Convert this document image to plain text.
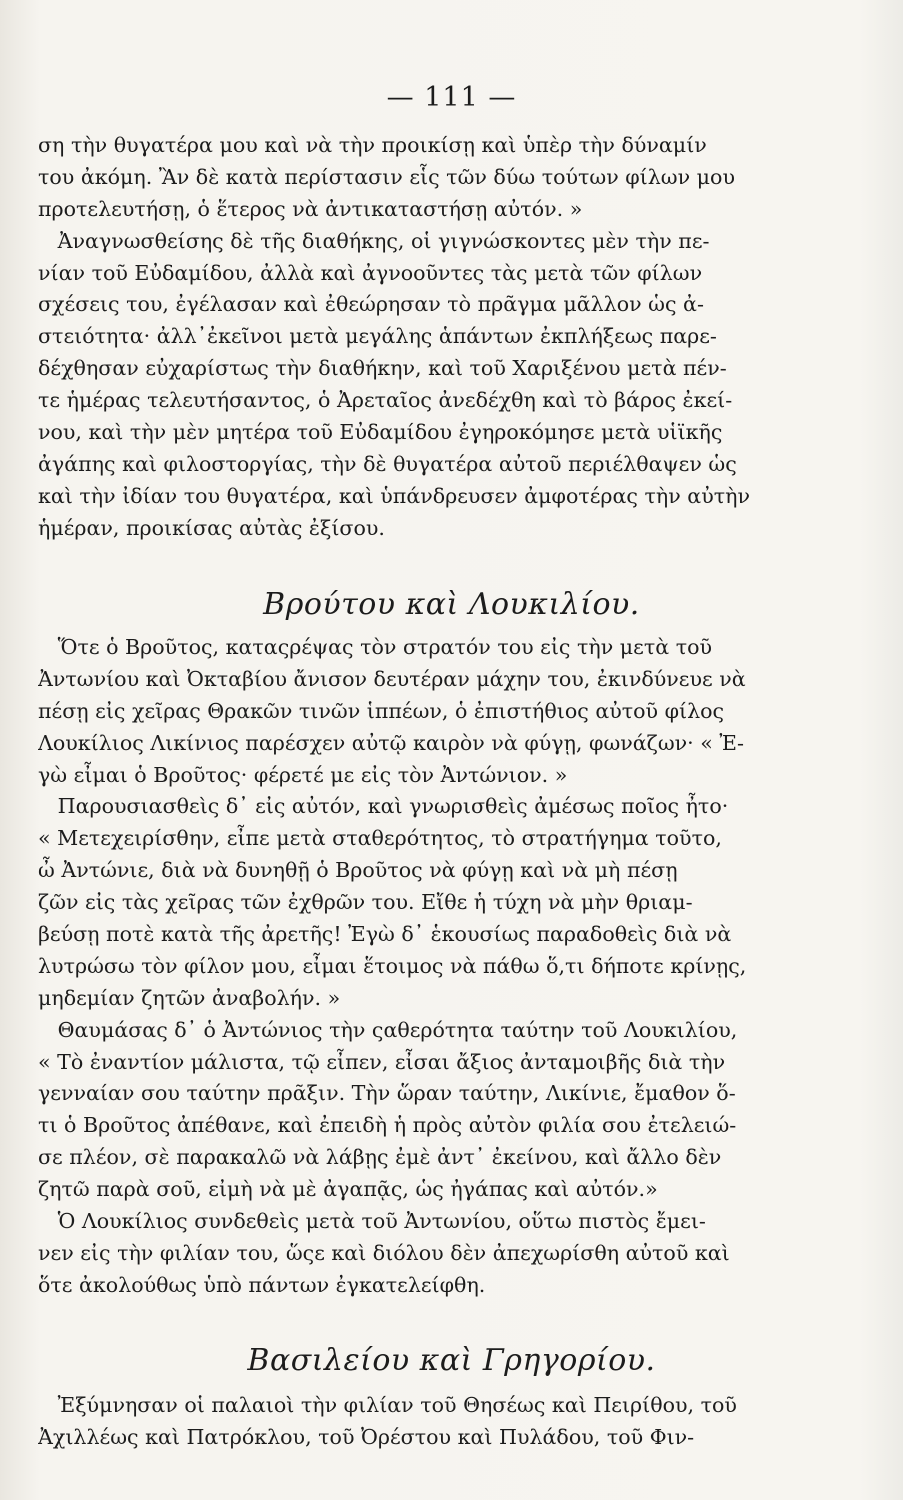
— 111 —
ση τὴν θυγατέρα μου καὶ νὰ τὴν προικίσῃ καὶ ὑπὲρ τὴν δύναμίν
του ἀκόμη. Ἂν δὲ κατὰ περίστασιν εἷς τῶν δύω τούτων φίλων μου
προτελευτήσῃ, ὁ ἕτερος νὰ ἀντικαταστήσῃ αὐτόν. »
Ἀναγνωσθείσης δὲ τῆς διαθήκης, οἱ γιγνώσκοντες μὲν τὴν πε-
νίαν τοῦ Εὐδαμίδου, ἀλλὰ καὶ ἀγνοοῦντες τὰς μετὰ τῶν φίλων
σχέσεις του, ἐγέλασαν καὶ ἐθεώρησαν τὸ πρᾶγμα μᾶλλον ὡς ἀ-
στειότητα· ἀλλ᾽ἐκεῖνοι μετὰ μεγάλης ἁπάντων ἐκπλήξεως παρε-
δέχθησαν εὐχαρίστως τὴν διαθήκην, καὶ τοῦ Χαριξένου μετὰ πέν-
τε ἡμέρας τελευτήσαντος, ὁ Ἀρεταῖος ἀνεδέχθη καὶ τὸ βάρος ἐκεί-
νου, καὶ τὴν μὲν μητέρα τοῦ Εὐδαμίδου ἐγηροκόμησε μετὰ υἱϊκῆς
ἀγάπης καὶ φιλοστοργίας, τὴν δὲ θυγατέρα αὐτοῦ περιέλθαψεν ὡς
καὶ τὴν ἰδίαν του θυγατέρα, καὶ ὑπάνδρευσεν ἀμφοτέρας τὴν αὐτὴν
ἡμέραν, προικίσας αὐτὰς ἐξίσου.
Βρούτου καὶ Λουκιλίου.
Ὅτε ὁ Βροῦτος, καταςρέψας τὸν στρατόν του εἰς τὴν μετὰ τοῦ
Ἀντωνίου καὶ Ὀκταβίου ἄνισον δευτέραν μάχην του, ἐκινδύνευε νὰ
πέσῃ εἰς χεῖρας Θρακῶν τινῶν ἱππέων, ὁ ἐπιστήθιος αὐτοῦ φίλος
Λουκίλιος Λικίνιος παρέσχεν αὐτῷ καιρὸν νὰ φύγῃ, φωνάζων· « Ἐ-
γὼ εἶμαι ὁ Βροῦτος· φέρετέ με εἰς τὸν Ἀντώνιον. »
Παρουσιασθεὶς δ᾽ εἰς αὐτόν, καὶ γνωρισθεὶς ἀμέσως ποῖος ἦτο·
« Μετεχειρίσθην, εἶπε μετὰ σταθερότητος, τὸ στρατήγημα τοῦτο,
ὦ Ἀντώνιε, διὰ νὰ δυνηθῇ ὁ Βροῦτος νὰ φύγῃ καὶ νὰ μὴ πέσῃ
ζῶν εἰς τὰς χεῖρας τῶν ἐχθρῶν του. Εἴθε ἡ τύχη νὰ μὴν θριαμ-
βεύσῃ ποτὲ κατὰ τῆς ἀρετῆς! Ἐγὼ δ᾽ ἑκουσίως παραδοθεὶς διὰ νὰ
λυτρώσω τὸν φίλον μου, εἶμαι ἕτοιμος νὰ πάθω ὅ,τι δήποτε κρίνῃς,
μηδεμίαν ζητῶν ἀναβολήν. »
Θαυμάσας δ᾽ ὁ Ἀντώνιος τὴν ςαθερότητα ταύτην τοῦ Λουκιλίου,
« Τὸ ἐναντίον μάλιστα, τῷ εἶπεν, εἶσαι ἄξιος ἀνταμοιβῆς διὰ τὴν
γενναίαν σου ταύτην πρᾶξιν. Τὴν ὥραν ταύτην, Λικίνιε, ἔμαθον ὅ-
τι ὁ Βροῦτος ἀπέθανε, καὶ ἐπειδὴ ἡ πρὸς αὐτὸν φιλία σου ἐτελειώ-
σε πλέον, σὲ παρακαλῶ νὰ λάβῃς ἐμὲ ἀντ᾽ ἐκείνου, καὶ ἄλλο δὲν
ζητῶ παρὰ σοῦ, εἰμὴ νὰ μὲ ἀγαπᾷς, ὡς ἠγάπας καὶ αὐτόν.»
Ὁ Λουκίλιος συνδεθεὶς μετὰ τοῦ Ἀντωνίου, οὕτω πιστὸς ἔμει-
νεν εἰς τὴν φιλίαν του, ὥςε καὶ διόλου δὲν ἀπεχωρίσθη αὐτοῦ καὶ
ὅτε ἀκολούθως ὑπὸ πάντων ἐγκατελείφθη.
Βασιλείου καὶ Γρηγορίου.
Ἐξύμνησαν οἱ παλαιοὶ τὴν φιλίαν τοῦ Θησέως καὶ Πειρίθου, τοῦ
Ἀχιλλέως καὶ Πατρόκλου, τοῦ Ὀρέστου καὶ Πυλάδου, τοῦ Φιν-
